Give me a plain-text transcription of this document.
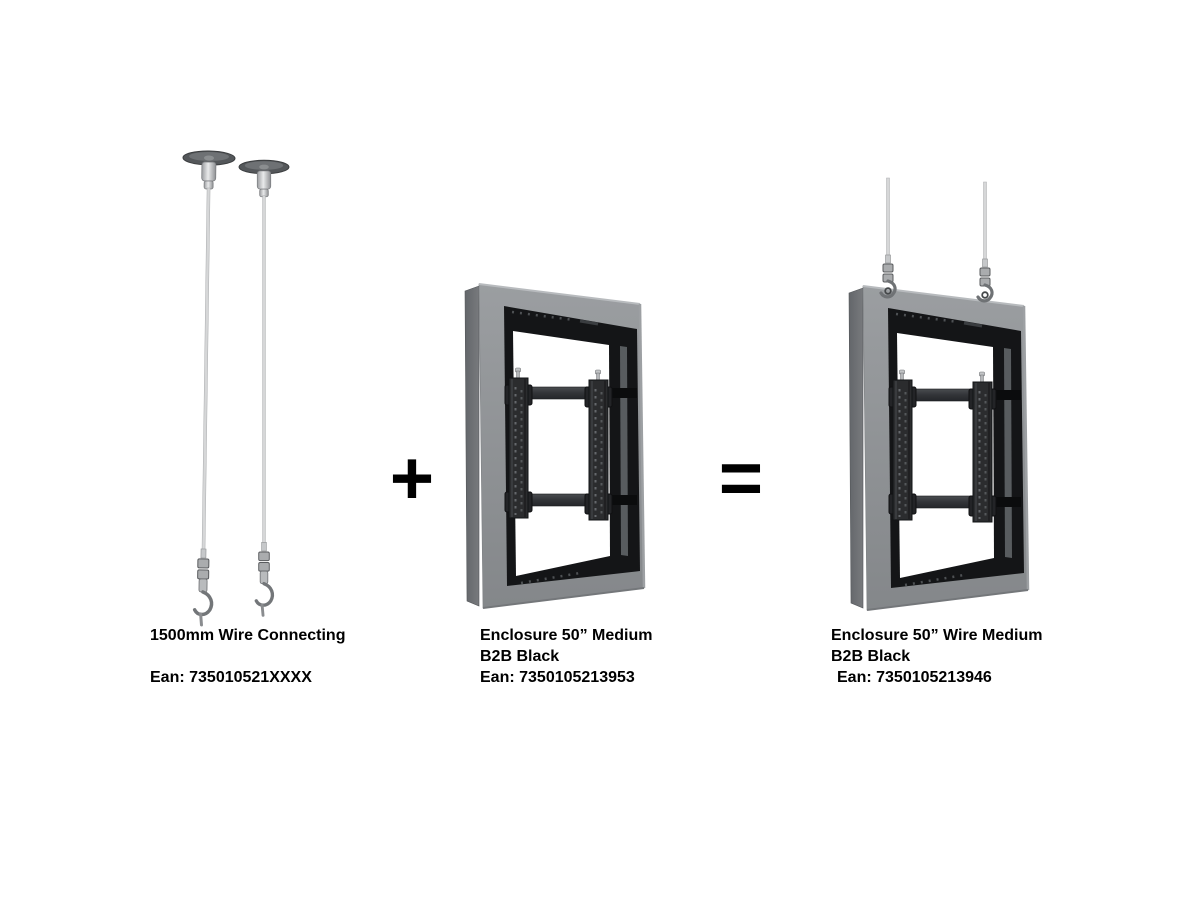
+	=
1500mm Wire Connecting
Ean: 735010521XXXX
Enclosure 50” Medium
B2B Black
Ean: 7350105213953
Enclosure 50” Wire Medium
B2B Black
Ean: 7350105213946
